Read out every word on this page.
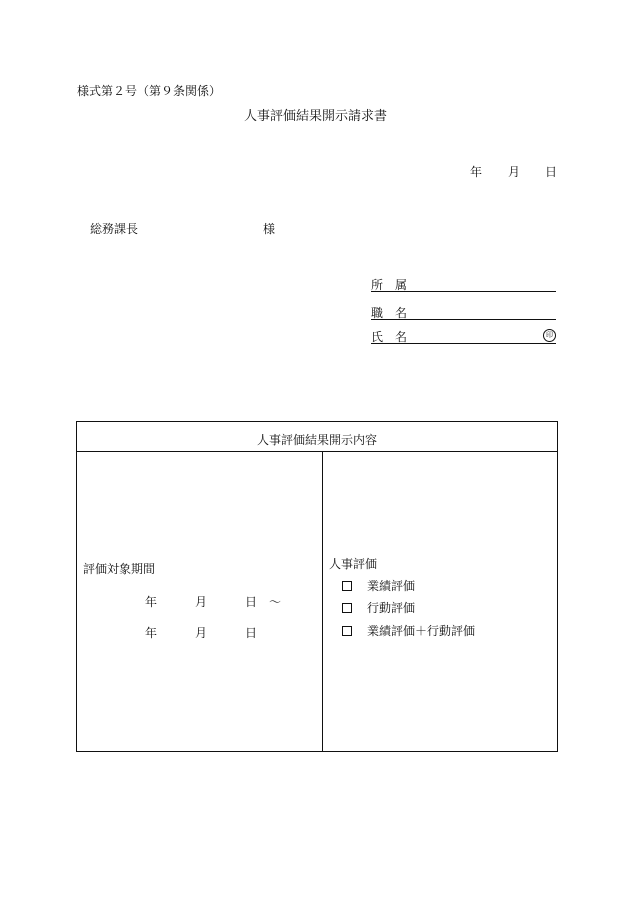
様式第２号（第９条関係）
人事評価結果開示請求書
年 月 日
総務課長	様
所属
職名
氏名	印
人事評価結果開示内容
評価対象期間
年	月	日 ～
年	月	日
人事評価
業績評価
行動評価
業績評価＋行動評価
